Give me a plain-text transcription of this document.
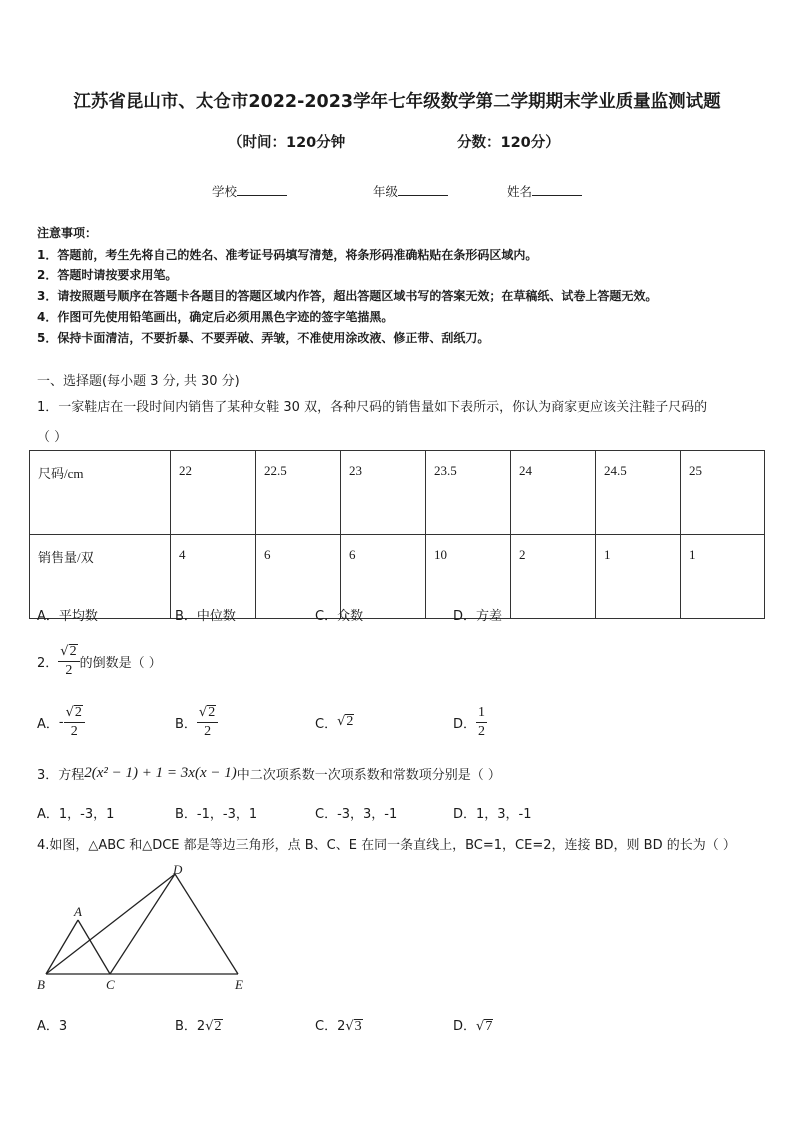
江苏省昆山市、太仓市2022-2023学年七年级数学第二学期期末学业质量监测试题
（时间：120分钟	分数：120分）
学校	年级	姓名
注意事项：
1．答题前，考生先将自己的姓名、准考证号码填写清楚，将条形码准确粘贴在条形码区域内。
2．答题时请按要求用笔。
3．请按照题号顺序在答题卡各题目的答题区域内作答，超出答题区域书写的答案无效；在草稿纸、试卷上答题无效。
4．作图可先使用铅笔画出，确定后必须用黑色字迹的签字笔描黑。
5．保持卡面清洁，不要折暴、不要弄破、弄皱，不准使用涂改液、修正带、刮纸刀。
一、选择题(每小题 3 分, 共 30 分)
1．一家鞋店在一段时间内销售了某种女鞋 30 双，各种尺码的销售量如下表所示，你认为商家更应该关注鞋子尺码的
（ ）
尺码/cm	22	22.5	23	23.5	24	24.5	25
销售量/双	4	6	6	10	2	1	1
A．平均数	B．中位数	C．众数	D．方差
2． $\frac{√2}{2}$ 的倒数是（ ）
A． - $\frac{√2}{2}$	B． $\frac{√2}{2}$	C． √2	D． $\frac{1}{2}$
3．方程 2(x² − 1) + 1 = 3x(x − 1) 中二次项系数一次项系数和常数项分别是（ ）
A．1，-3，1	B．-1，-3，1	C．-3，3，-1	D．1，3，-1
4.如图，△ABC 和△DCE 都是等边三角形，点 B、C、E 在同一条直线上，BC=1，CE=2，连接 BD，则 BD 的长为（ ）
A
B	C
D
E
A．3	B．2√2	C．2√3	D．√7
